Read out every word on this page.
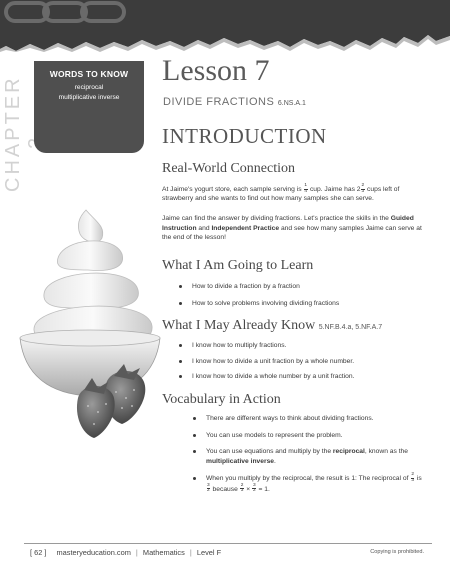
CHAPTER
WORDS TO KNOW
reciprocal
multiplicative inverse
Lesson 7
DIVIDE FRACTIONS 6.NS.A.1
INTRODUCTION
Real-World Connection
At Jaime's yogurt store, each sample serving is $\frac{1}{4}$ cup. Jaime has $2 \frac{2}{3}$ cups left of strawberry and she wants to find out how many samples she can serve.
Jaime can find the answer by dividing fractions. Let's practice the skills in the Guided Instruction and Independent Practice and see how many samples Jaime can serve at the end of the lesson!
What I Am Going to Learn
How to divide a fraction by a fraction
How to solve problems involving dividing fractions
What I May Already Know 5.NF.B.4.a, 5.NF.A.7
I know how to multiply fractions.
I know how to divide a unit fraction by a whole number.
I know how to divide a whole number by a unit fraction.
Vocabulary in Action
There are different ways to think about dividing fractions.
You can use models to represent the problem.
You can use equations and multiply by the reciprocal, known as the multiplicative inverse.
When you multiply by the reciprocal, the result is 1: The reciprocal of $\frac{2}{3}$ is
$\frac{3}{2}$ because $\frac{2}{3} \times \frac{3}{2} = 1$.
[ 62 ] masteryeducation.com | Mathematics | Level F	Copying is prohibited.
